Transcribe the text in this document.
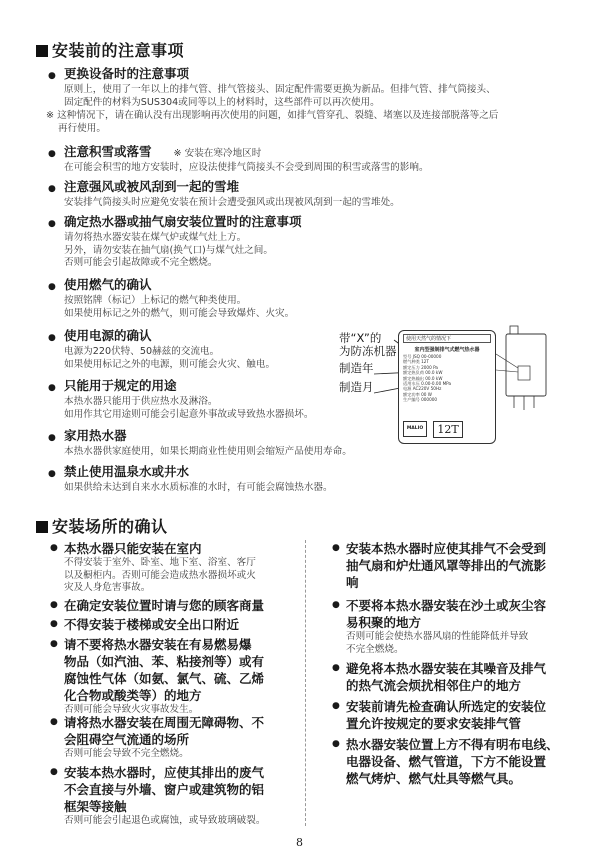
安装前的注意事项
● 更换设备时的注意事项
原则上，使用了一年以上的排气管、排气管接头、固定配件需要更换为新品。但排气管、排气筒接头、
固定配件的材料为SUS304或同等以上的材料时，这些部件可以再次使用。
※ 这种情况下，请在确认没有出现影响再次使用的问题，如排气管穿孔、裂缝、堵塞以及连接部脱落等之后
再行使用。
● 注意积雪或落雪 ※ 安装在寒冷地区时
在可能会积雪的地方安装时，应设法使排气筒接头不会受到周围的积雪或落雪的影响。
● 注意强风或被风刮到一起的雪堆
安装排气筒接头时应避免安装在预计会遭受强风或出现被风刮到一起的雪堆处。
● 确定热水器或抽气扇安装位置时的注意事项
请勿将热水器安装在煤气炉或煤气灶上方。
另外，请勿安装在抽气扇(换气口)与煤气灶之间。
否则可能会引起故障或不完全燃烧。
● 使用燃气的确认
按照铭牌（标记）上标记的燃气种类使用。
如果使用标记之外的燃气，则可能会导致爆炸、火灾。
● 使用电源的确认
电源为220伏特、50赫兹的交流电。
如果使用标记之外的电源，则可能会火灾、触电。
● 只能用于规定的用途
本热水器只能用于供应热水及淋浴。
如用作其它用途则可能会引起意外事故或导致热水器损坏。
● 家用热水器
本热水器供家庭使用，如果长期商业性使用则会缩短产品使用寿命。
● 禁止使用温泉水或井水
如果供给未达到自来水水质标准的水时，有可能会腐蚀热水器。
带“X”的
为防冻机器
制造年
制造月
使用天然气的情况下
室内型强制排气式燃气热水器
型号 JSQ 00-00000
燃气种类 12T
额定压力 2000 Pa
额定热负荷 00.0 kW
额定热输出 00.0 kW
适用水压 0.00-0.00 MPa
电源 AC220V 50Hz
额定功率 00 W
生产编号 000000
MALIO	12T
安装场所的确认
● 本热水器只能安装在室内
不得安装于室外、卧室、地下室、浴室、客厅
以及橱柜内。否则可能会造成热水器损坏或火
灾及人身危害事故。
● 在确定安装位置时请与您的顾客商量
● 不得安装于楼梯或安全出口附近
● 请不要将热水器安装在有易燃易爆
物品（如汽油、苯、粘接剂等）或有
腐蚀性气体（如氨、氯气、硫、乙烯
化合物或酸类等）的地方
否则可能会导致火灾事故发生。
● 请将热水器安装在周围无障碍物、不
会阻碍空气流通的场所
否则可能会导致不完全燃烧。
● 安装本热水器时，应使其排出的废气
不会直接与外墙、窗户或建筑物的铝
框架等接触
否则可能会引起退色或腐蚀，或导致玻璃破裂。
● 安装本热水器时应使其排气不会受到
抽气扇和炉灶通风罩等排出的气流影
响
● 不要将本热水器安装在沙土或灰尘容
易积聚的地方
否则可能会使热水器风扇的性能降低并导致
不完全燃烧。
● 避免将本热水器安装在其噪音及排气
的热气流会烦扰相邻住户的地方
● 安装前请先检查确认所选定的安装位
置允许按规定的要求安装排气管
● 热水器安装位置上方不得有明布电线、
电器设备、燃气管道，下方不能设置
燃气烤炉、燃气灶具等燃气具。
8
